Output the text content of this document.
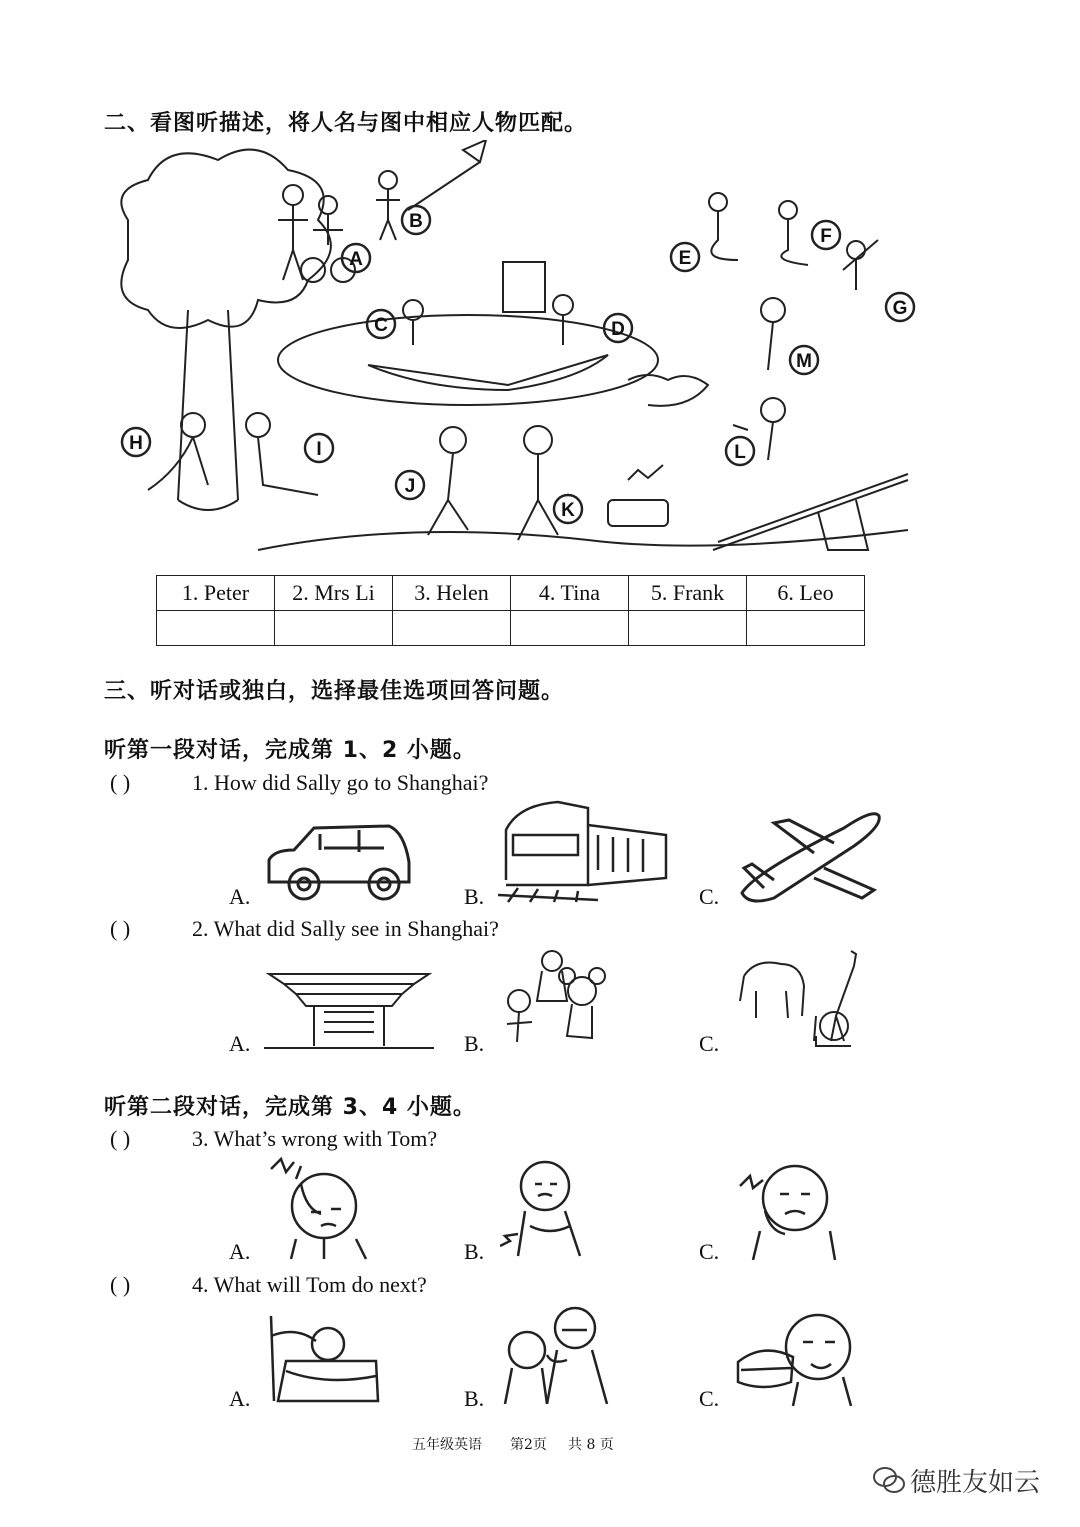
二、看图听描述，将人名与图中相应人物匹配。
A
B
C	D
E
F
G
H	I
J
K
L
M
1. Peter	2. Mrs Li	3. Helen	4. Tina	5. Frank	6. Leo

三、听对话或独白，选择最佳选项回答问题。
听第一段对话，完成第 1、2 小题。
( )	1. How did Sally go to Shanghai?
A.	B.	C.
( )	2. What did Sally see in Shanghai?
A.	B.	C.
听第二段对话，完成第 3、4 小题。
( )	3. What’s wrong with Tom?
A.	B.	C.
( )	4. What will Tom do next?
A.	B.	C.
五年级英语 第2页 共 8 页
德胜友如云
